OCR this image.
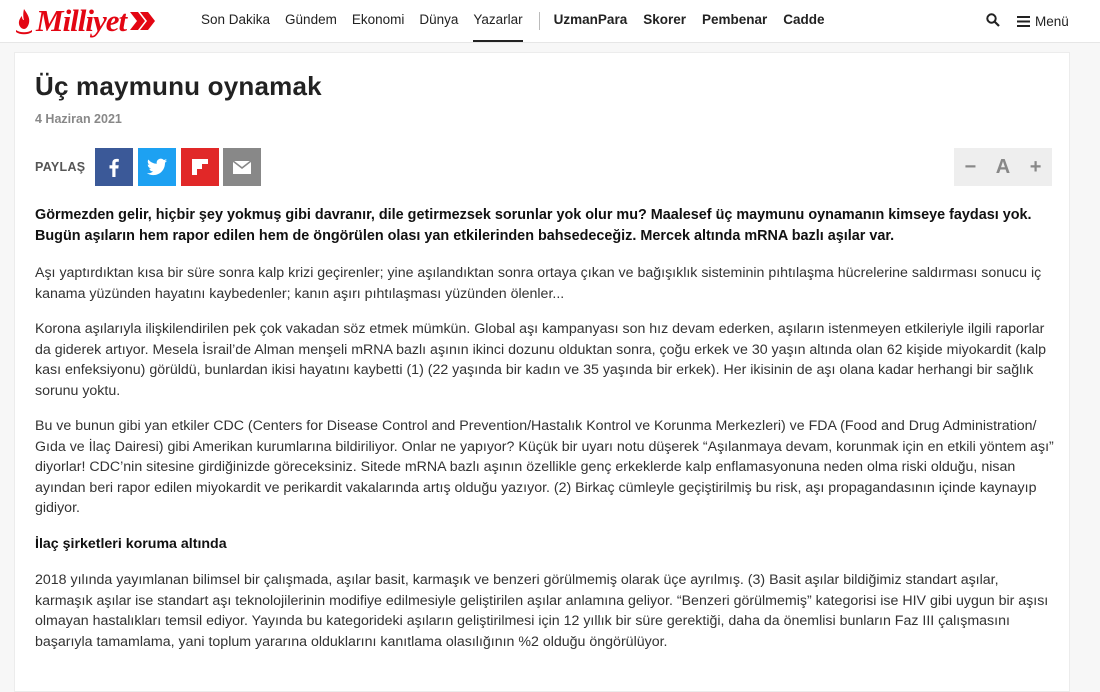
Milliyet	Son Dakika Gündem Ekonomi Dünya Yazarlar UzmanPara Skorer Pembenar Cadde	Menü
Üç maymunu oynamak
4 Haziran 2021
PAYLAŞ	− A +

Görmezden gelir, hiçbir şey yokmuş gibi davranır, dile getirmezsek sorunlar yok olur mu? Maalesef üç maymunu oynamanın kimseye faydası yok. Bugün aşıların hem rapor edilen hem de öngörülen olası yan etkilerinden bahsedeceğiz. Mercek altında mRNA bazlı aşılar var.

Aşı yaptırdıktan kısa bir süre sonra kalp krizi geçirenler; yine aşılandıktan sonra ortaya çıkan ve bağışıklık sisteminin pıhtılaşma hücrelerine saldırması sonucu iç kanama yüzünden hayatını kaybedenler; kanın aşırı pıhtılaşması yüzünden ölenler...

Korona aşılarıyla ilişkilendirilen pek çok vakadan söz etmek mümkün. Global aşı kampanyası son hız devam ederken, aşıların istenmeyen etkileriyle ilgili raporlar da giderek artıyor. Mesela İsrail’de Alman menşeli mRNA bazlı aşının ikinci dozunu olduktan sonra, çoğu erkek ve 30 yaşın altında olan 62 kişide miyokardit (kalp kası enfeksiyonu) görüldü, bunlardan ikisi hayatını kaybetti (1) (22 yaşında bir kadın ve 35 yaşında bir erkek). Her ikisinin de aşı olana kadar herhangi bir sağlık sorunu yoktu.

Bu ve bunun gibi yan etkiler CDC (Centers for Disease Control and Prevention/Hastalık Kontrol ve Korunma Merkezleri) ve FDA (Food and Drug Administration/ Gıda ve İlaç Dairesi) gibi Amerikan kurumlarına bildiriliyor. Onlar ne yapıyor? Küçük bir uyarı notu düşerek “Aşılanmaya devam, korunmak için en etkili yöntem aşı” diyorlar! CDC’nin sitesine girdiğinizde göreceksiniz. Sitede mRNA bazlı aşının özellikle genç erkeklerde kalp enflamasyonuna neden olma riski olduğu, nisan ayından beri rapor edilen miyokardit ve perikardit vakalarında artış olduğu yazıyor. (2) Birkaç cümleyle geçiştirilmiş bu risk, aşı propagandasının içinde kaynayıp gidiyor.

İlaç şirketleri koruma altında

2018 yılında yayımlanan bilimsel bir çalışmada, aşılar basit, karmaşık ve benzeri görülmemiş olarak üçe ayrılmış. (3) Basit aşılar bildiğimiz standart aşılar, karmaşık aşılar ise standart aşı teknolojilerinin modifiye edilmesiyle geliştirilen aşılar anlamına geliyor. “Benzeri görülmemiş” kategorisi ise HIV gibi uygun bir aşısı olmayan hastalıkları temsil ediyor. Yayında bu kategorideki aşıların geliştirilmesi için 12 yıllık bir süre gerektiği, daha da önemlisi bunların Faz III çalışmasını başarıyla tamamlama, yani toplum yararına olduklarını kanıtlama olasılığının %2 olduğu öngörülüyor.
